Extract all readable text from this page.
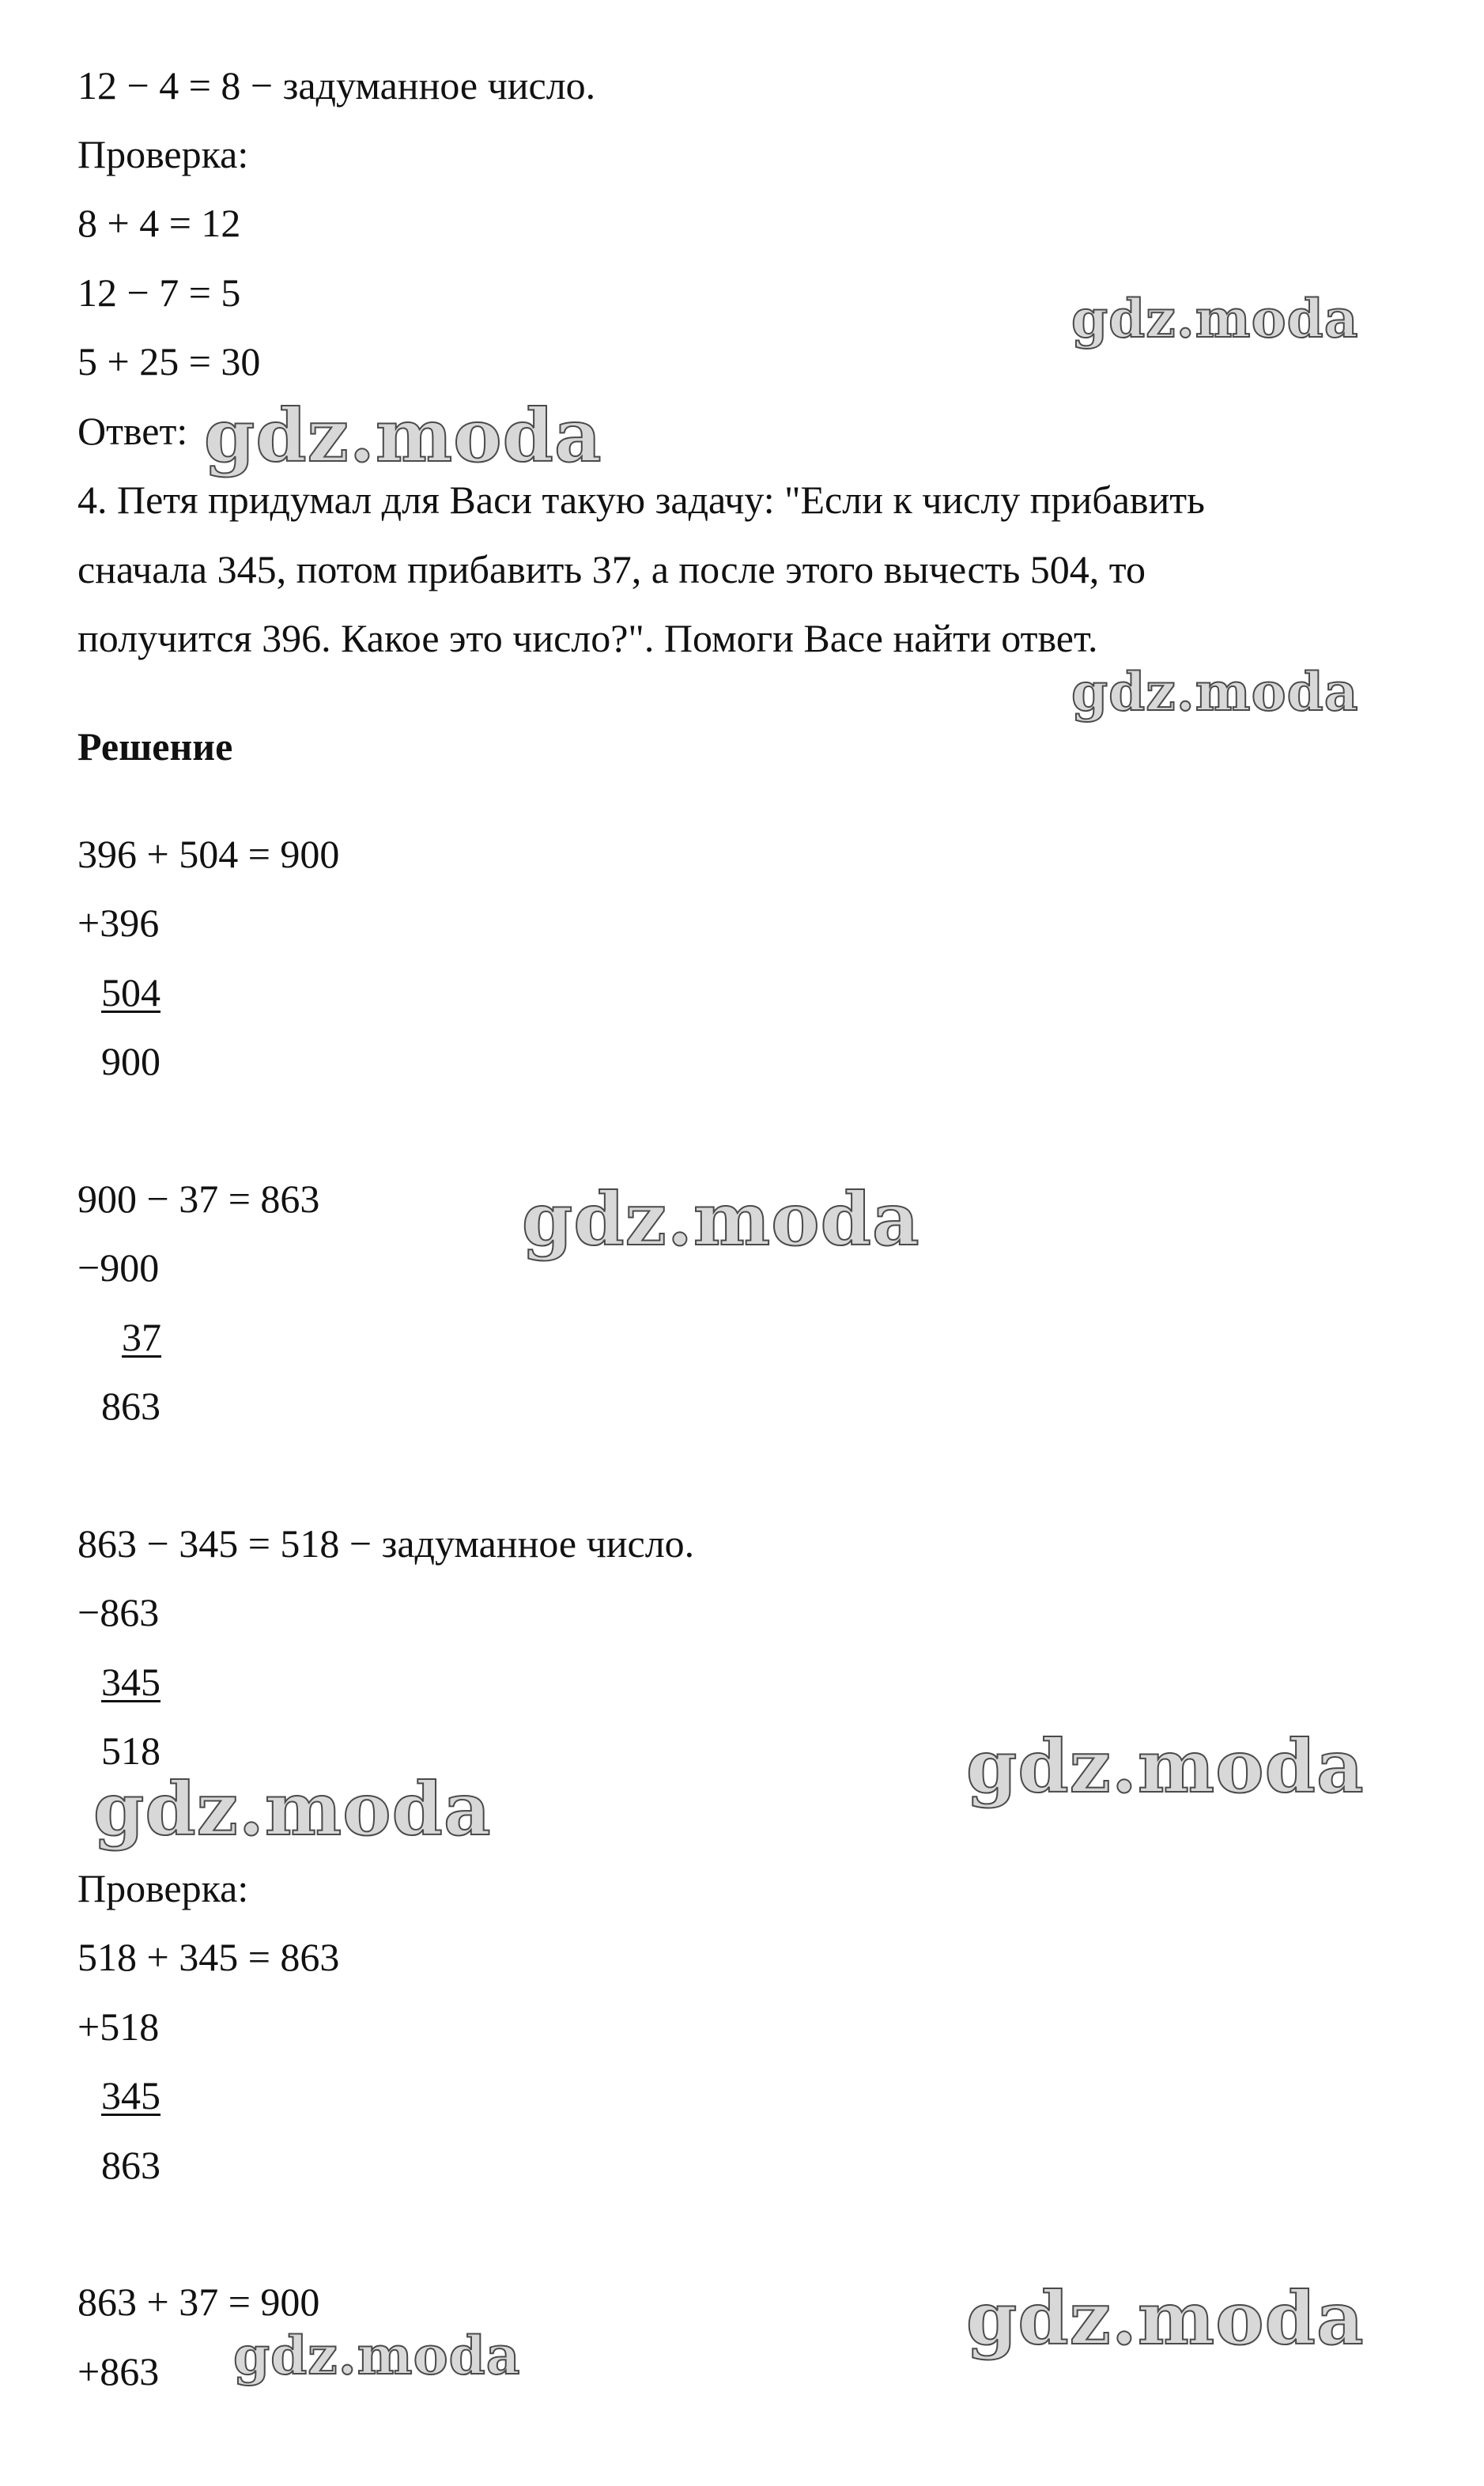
12 − 4 = 8 − задуманное число.
Проверка:
8 + 4 = 12
12 − 7 = 5
5 + 25 = 30
Ответ:
4. Петя придумал для Васи такую задачу: "Если к числу прибавить
сначала 345, потом прибавить 37, а после этого вычесть 504, то
получится 396. Какое это число?". Помоги Васе найти ответ.
Решение
396 + 504 = 900
+396
504
900
900 − 37 = 863
−900
37
863
863 − 345 = 518 − задуманное число.
−863
345
518
Проверка:
518 + 345 = 863
+518
345
863
863 + 37 = 900
+863
gdz.moda
gdz.moda
gdz.moda
gdz.moda
gdz.moda
gdz.moda
gdz.moda
gdz.moda
